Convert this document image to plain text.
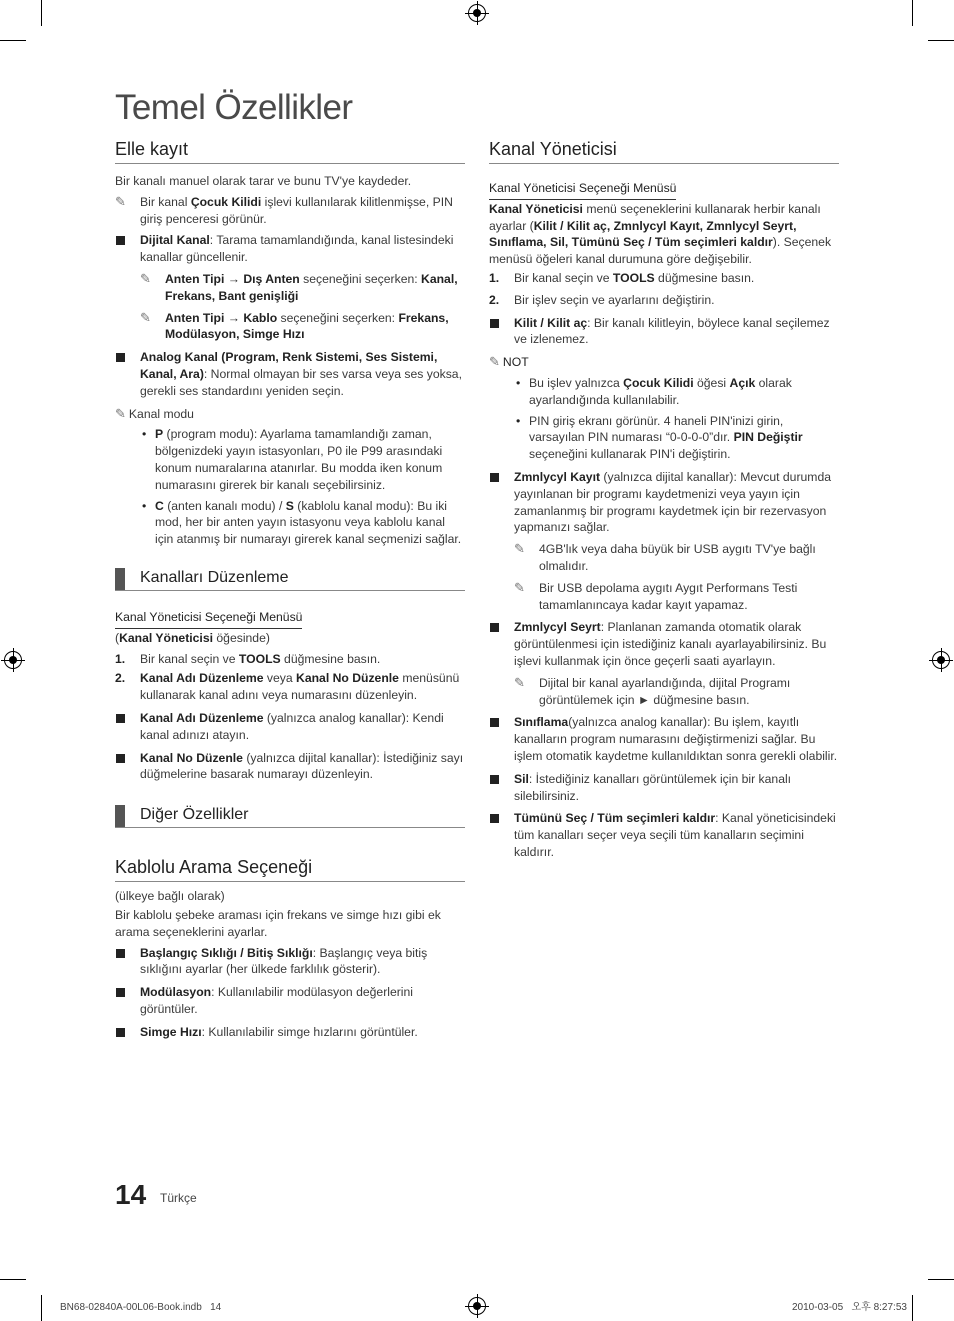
Temel Özellikler
Elle kayıt

Bir kanalı manuel olarak tarar ve bunu TV'ye kaydeder.

✎ Bir kanal Çocuk Kilidi işlevi kullanılarak kilitlenmişse, PIN giriş penceresi görünür.
Dijital Kanal: Tarama tamamlandığında, kanal listesindeki kanallar güncellenir.
✎ Anten Tipi → Dış Anten seçeneğini seçerken: Kanal, Frekans, Bant genişliği
✎ Anten Tipi → Kablo seçeneğini seçerken: Frekans, Modülasyon, Simge Hızı
Analog Kanal (Program, Renk Sistemi, Ses Sistemi, Kanal, Ara): Normal olmayan bir ses varsa veya ses yoksa, gerekli ses standardını yeniden seçin.
✎ Kanal modu
• P (program modu): Ayarlama tamamlandığı zaman, bölgenizdeki yayın istasyonları, P0 ile P99 arasındaki konum numaralarına atanırlar. Bu modda iken konum numarasını girerek bir kanalı seçebilirsiniz.
• C (anten kanalı modu) / S (kablolu kanal modu): Bu iki mod, her bir anten yayın istasyonu veya kablolu kanal için atanmış bir numarayı girerek kanal seçmenizi sağlar.
Kanalları Düzenleme
Kanal Yöneticisi Seçeneği Menüsü

(Kanal Yöneticisi öğesinde)

1. Bir kanal seçin ve TOOLS düğmesine basın.
2. Kanal Adı Düzenleme veya Kanal No Düzenle menüsünü kullanarak kanal adını veya numarasını düzenleyin.
Kanal Adı Düzenleme (yalnızca analog kanallar): Kendi kanal adınızı atayın.
Kanal No Düzenle (yalnızca dijital kanallar): İstediğiniz sayı düğmelerine basarak numarayı düzenleyin.
Diğer Özellikler
Kablolu Arama Seçeneği

(ülkeye bağlı olarak)

Bir kablolu şebeke araması için frekans ve simge hızı gibi ek arama seçeneklerini ayarlar.

Başlangıç Sıklığı / Bitiş Sıklığı: Başlangıç veya bitiş sıklığını ayarlar (her ülkede farklılık gösterir).
Modülasyon: Kullanılabilir modülasyon değerlerini görüntüler.
Simge Hızı: Kullanılabilir simge hızlarını görüntüler.
Kanal Yöneticisi
Kanal Yöneticisi Seçeneği Menüsü

Kanal Yöneticisi menü seçeneklerini kullanarak herbir kanalı ayarlar (Kilit / Kilit aç, Zmnlycyl Kayıt, Zmnlycyl Seyrt, Sınıflama, Sil, Tümünü Seç / Tüm seçimleri kaldır). Seçenek menüsü öğeleri kanal durumuna göre değişebilir.

1. Bir kanal seçin ve TOOLS düğmesine basın.
2. Bir işlev seçin ve ayarlarını değiştirin.
Kilit / Kilit aç: Bir kanalı kilitleyin, böylece kanal seçilemez ve izlenemez.
✎ NOT
• Bu işlev yalnızca Çocuk Kilidi öğesi Açık olarak ayarlandığında kullanılabilir.
• PIN giriş ekranı görünür. 4 haneli PIN'inizi girin, varsayılan PIN numarası “0-0-0-0”dır. PIN Değiştir seçeneğini kullanarak PIN'i değiştirin.
Zmnlycyl Kayıt (yalnızca dijital kanallar): Mevcut durumda yayınlanan bir programı kaydetmenizi veya yayın için zamanlanmış bir programı kaydetmek için bir rezervasyon yapmanızı sağlar.
✎ 4GB'lık veya daha büyük bir USB aygıtı TV'ye bağlı olmalıdır.
✎ Bir USB depolama aygıtı Aygıt Performans Testi tamamlanıncaya kadar kayıt yapamaz.
Zmnlycyl Seyrt: Planlanan zamanda otomatik olarak görüntülenmesi için istediğiniz kanalı ayarlayabilirsiniz. Bu işlevi kullanmak için önce geçerli saati ayarlayın.
✎ Dijital bir kanal ayarlandığında, dijital Programı görüntülemek için ► düğmesine basın.
Sınıflama(yalnızca analog kanallar): Bu işlem, kayıtlı kanalların program numarasını değiştirmenizi sağlar. Bu işlem otomatik kaydetme kullanıldıktan sonra gerekli olabilir.
Sil: İstediğiniz kanalları görüntülemek için bir kanalı silebilirsiniz.
Tümünü Seç / Tüm seçimleri kaldır: Kanal yöneticisindeki tüm kanalları seçer veya seçili tüm kanalların seçimini kaldırır.
14 Türkçe
BN68-02840A-00L06-Book.indb   14	2010-03-05   오후 8:27:53
